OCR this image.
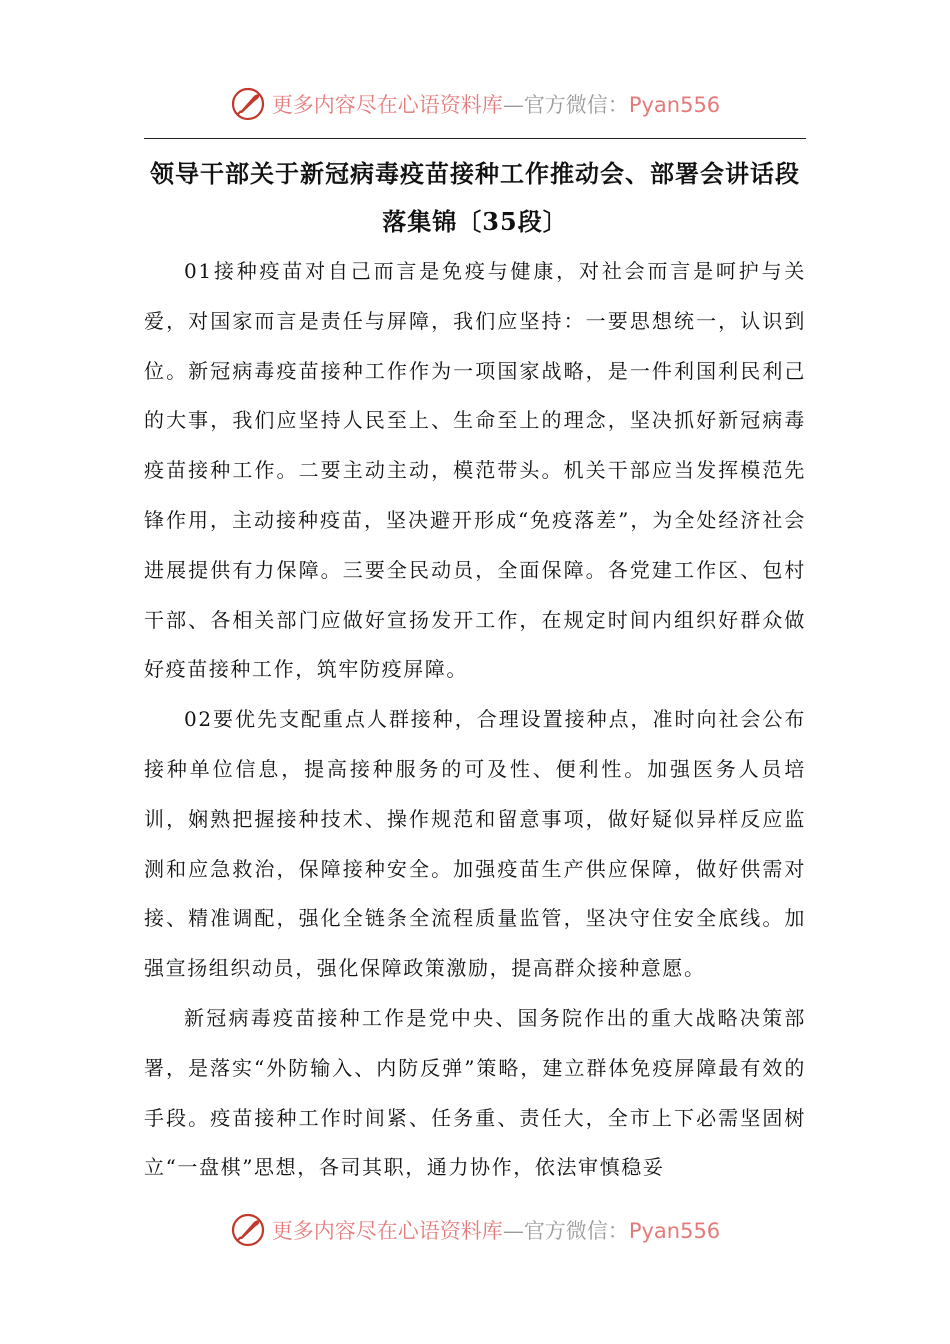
更多内容尽在心语资料库—官方微信：Pyan556
领导干部关于新冠病毒疫苗接种工作推动会、部署会讲话段落集锦〔35段〕

01接种疫苗对自己而言是免疫与健康，对社会而言是呵护与关爱，对国家而言是责任与屏障，我们应坚持：一要思想统一，认识到位。新冠病毒疫苗接种工作作为一项国家战略，是一件利国利民利己的大事，我们应坚持人民至上、生命至上的理念，坚决抓好新冠病毒疫苗接种工作。二要主动主动，模范带头。机关干部应当发挥模范先锋作用，主动接种疫苗，坚决避开形成“免疫落差”，为全处经济社会进展提供有力保障。三要全民动员，全面保障。各党建工作区、包村干部、各相关部门应做好宣扬发开工作，在规定时间内组织好群众做好疫苗接种工作，筑牢防疫屏障。

02要优先支配重点人群接种，合理设置接种点，准时向社会公布接种单位信息，提高接种服务的可及性、便利性。加强医务人员培训，娴熟把握接种技术、操作规范和留意事项，做好疑似异样反应监测和应急救治，保障接种安全。加强疫苗生产供应保障，做好供需对接、精准调配，强化全链条全流程质量监管，坚决守住安全底线。加强宣扬组织动员，强化保障政策激励，提高群众接种意愿。

新冠病毒疫苗接种工作是党中央、国务院作出的重大战略决策部署，是落实“外防输入、内防反弹”策略，建立群体免疫屏障最有效的手段。疫苗接种工作时间紧、任务重、责任大，全市上下必需坚固树立“一盘棋”思想，各司其职，通力协作，依法审慎稳妥

更多内容尽在心语资料库—官方微信：Pyan556
